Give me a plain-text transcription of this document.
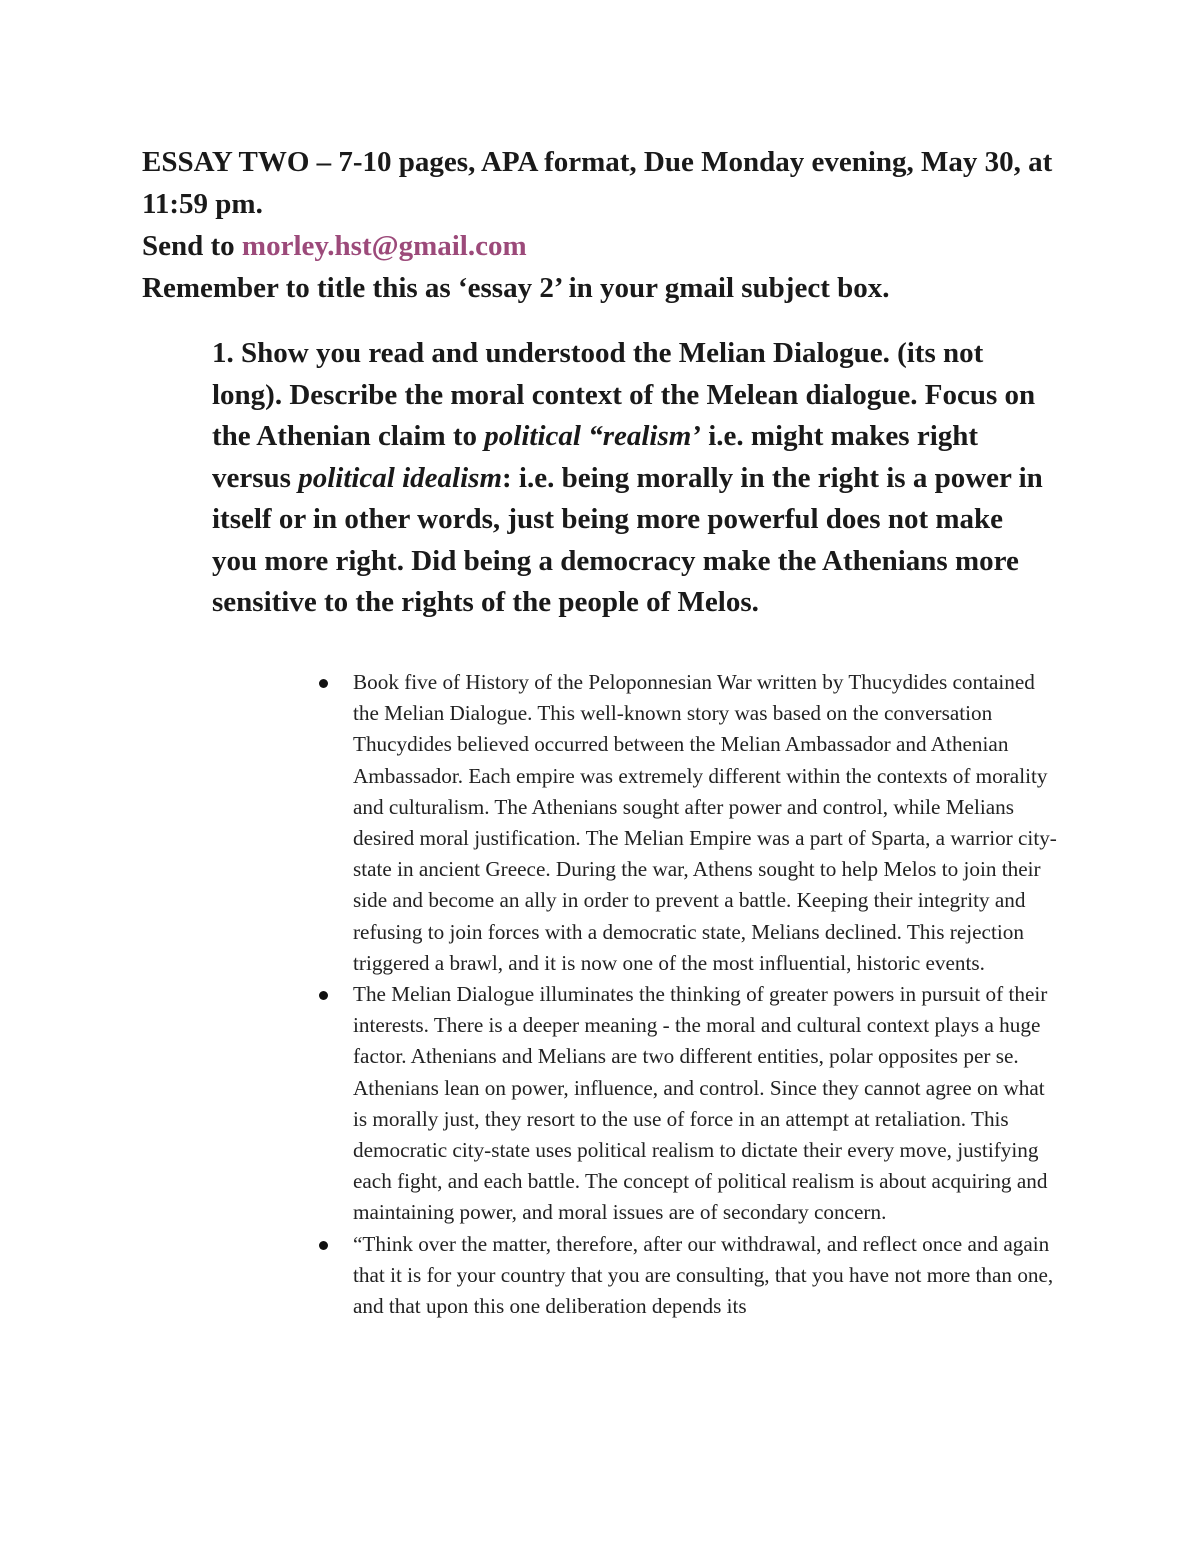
ESSAY TWO – 7-10 pages, APA format, Due Monday evening, May 30, at 11:59 pm.

Send to morley.hst@gmail.com

Remember to title this as ‘essay 2’ in your gmail subject box.

1. Show you read and understood the Melian Dialogue. (its not long). Describe the moral context of the Melean dialogue. Focus on the Athenian claim to political “realism’ i.e. might makes right versus political idealism: i.e. being morally in the right is a power in itself or in other words, just being more powerful does not make you more right. Did being a democracy make the Athenians more sensitive to the rights of the people of Melos.

Book five of History of the Peloponnesian War written by Thucydides contained the Melian Dialogue. This well-known story was based on the conversation Thucydides believed occurred between the Melian Ambassador and Athenian Ambassador. Each empire was extremely different within the contexts of morality and culturalism. The Athenians sought after power and control, while Melians desired moral justification. The Melian Empire was a part of Sparta, a warrior city-state in ancient Greece. During the war, Athens sought to help Melos to join their side and become an ally in order to prevent a battle. Keeping their integrity and refusing to join forces with a democratic state, Melians declined. This rejection triggered a brawl, and it is now one of the most influential, historic events.
The Melian Dialogue illuminates the thinking of greater powers in pursuit of their interests. There is a deeper meaning - the moral and cultural context plays a huge factor. Athenians and Melians are two different entities, polar opposites per se. Athenians lean on power, influence, and control. Since they cannot agree on what is morally just, they resort to the use of force in an attempt at retaliation. This democratic city-state uses political realism to dictate their every move, justifying each fight, and each battle. The concept of political realism is about acquiring and maintaining power, and moral issues are of secondary concern.
“Think over the matter, therefore, after our withdrawal, and reflect once and again that it is for your country that you are consulting, that you have not more than one, and that upon this one deliberation depends its
